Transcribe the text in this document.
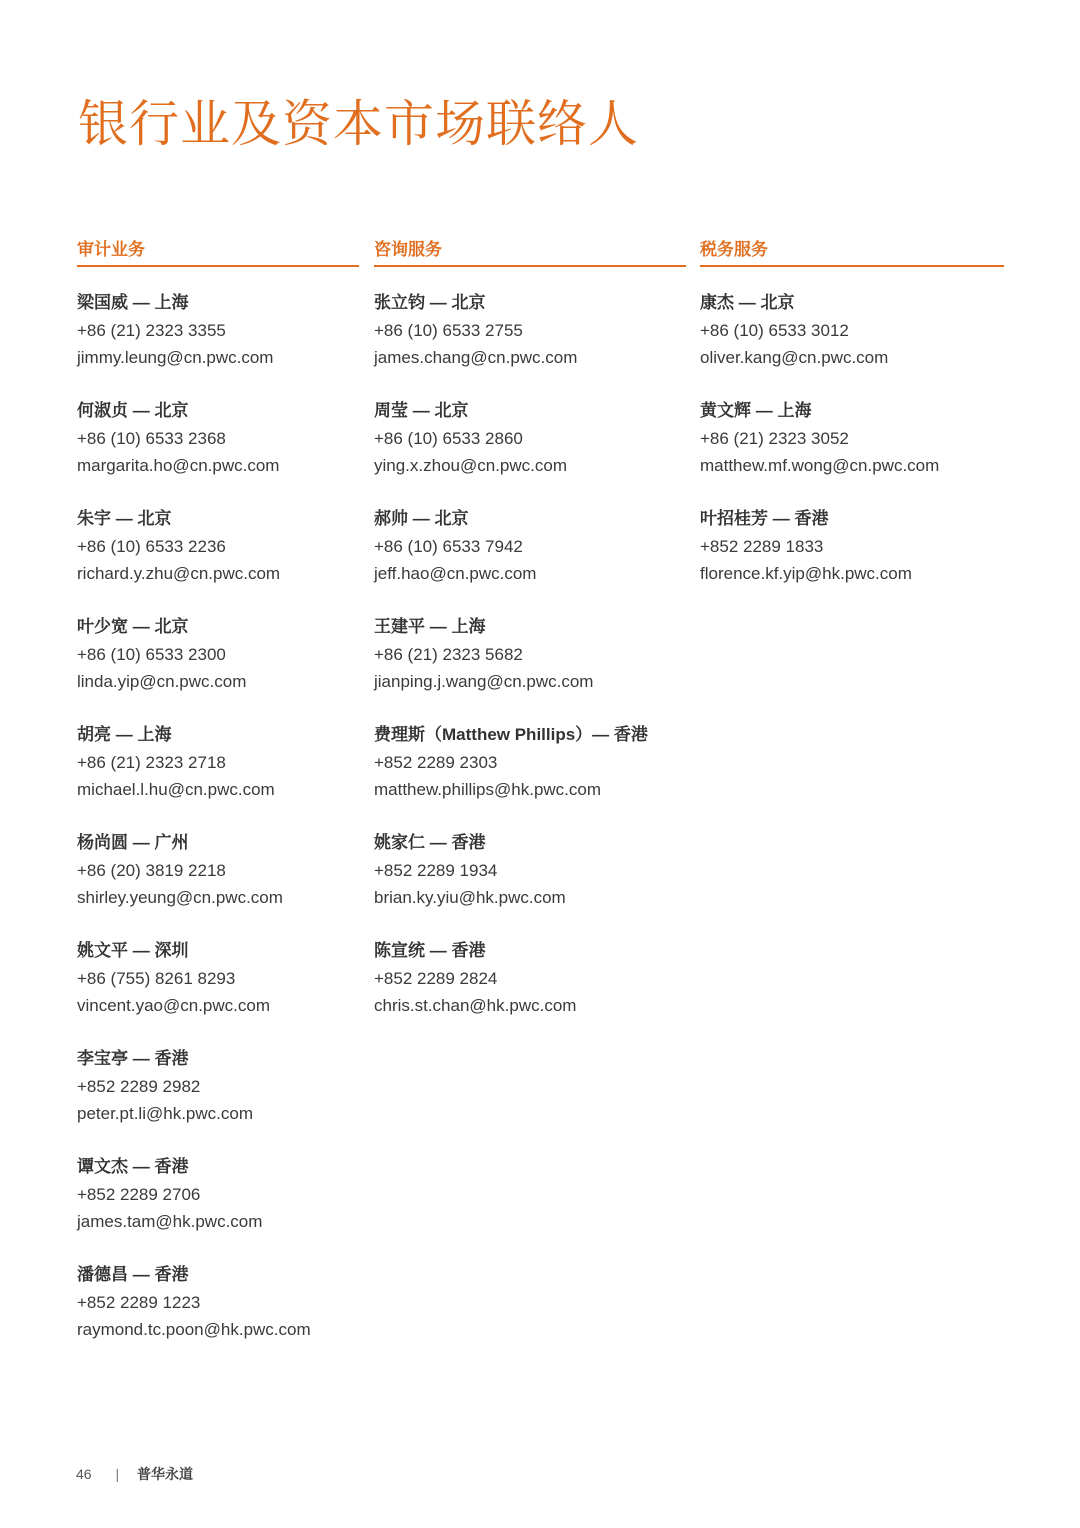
银行业及资本市场联络人
审计业务
梁国威 — 上海
+86 (21) 2323 3355
jimmy.leung@cn.pwc.com
何淑贞 — 北京
+86 (10) 6533 2368
margarita.ho@cn.pwc.com
朱宇 — 北京
+86 (10) 6533 2236
richard.y.zhu@cn.pwc.com
叶少宽 — 北京
+86 (10) 6533 2300
linda.yip@cn.pwc.com
胡亮 — 上海
+86 (21) 2323 2718
michael.l.hu@cn.pwc.com
杨尚圆 — 广州
+86 (20) 3819 2218
shirley.yeung@cn.pwc.com
姚文平 — 深圳
+86 (755) 8261 8293
vincent.yao@cn.pwc.com
李宝亭 — 香港
+852 2289 2982
peter.pt.li@hk.pwc.com
谭文杰 — 香港
+852 2289 2706
james.tam@hk.pwc.com
潘德昌 — 香港
+852 2289 1223
raymond.tc.poon@hk.pwc.com
咨询服务
张立钧 — 北京
+86 (10) 6533 2755
james.chang@cn.pwc.com
周莹 — 北京
+86 (10) 6533 2860
ying.x.zhou@cn.pwc.com
郝帅 — 北京
+86 (10) 6533 7942
jeff.hao@cn.pwc.com
王建平 — 上海
+86 (21) 2323 5682
jianping.j.wang@cn.pwc.com
费理斯（Matthew Phillips）— 香港
+852 2289 2303
matthew.phillips@hk.pwc.com
姚家仁 — 香港
+852 2289 1934
brian.ky.yiu@hk.pwc.com
陈宣统 — 香港
+852 2289 2824
chris.st.chan@hk.pwc.com
税务服务
康杰 — 北京
+86 (10) 6533 3012
oliver.kang@cn.pwc.com
黄文辉 — 上海
+86 (21) 2323 3052
matthew.mf.wong@cn.pwc.com
叶招桂芳 — 香港
+852 2289 1833
florence.kf.yip@hk.pwc.com
46 | 普华永道
